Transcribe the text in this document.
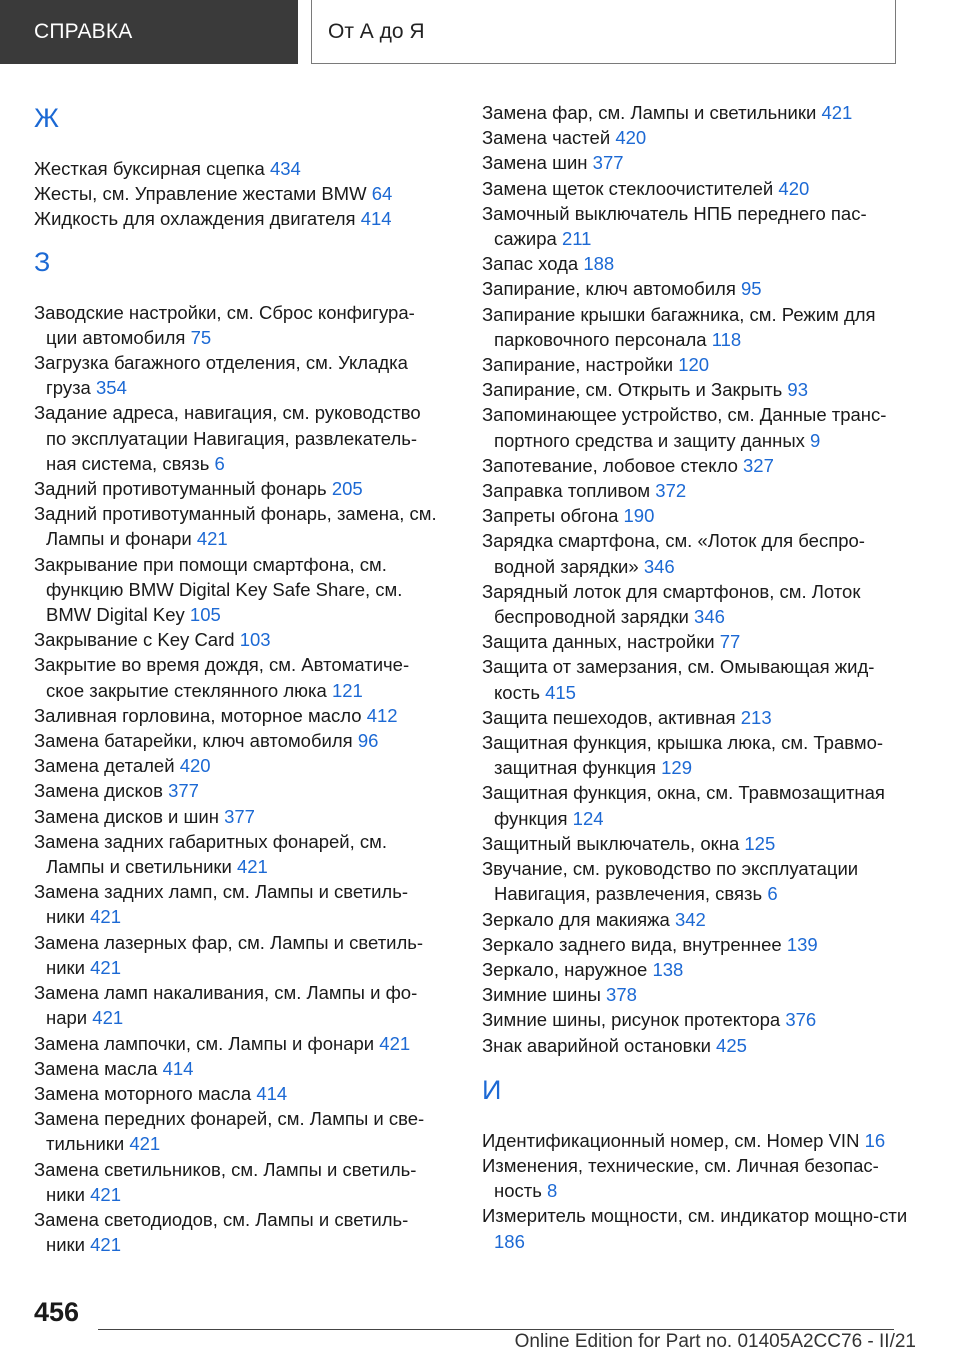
СПРАВКА	От А до Я
Ж
Жесткая буксирная сцепка 434
Жесты, см. Управление жестами BMW 64
Жидкость для охлаждения двигателя 414
З
Заводские настройки, см. Сброс конфигура‐ции автомобиля 75
Загрузка багажного отделения, см. Укладка груза 354
Задание адреса, навигация, см. руководство по эксплуатации Навигация, развлекатель‐ная система, связь 6
Задний противотуманный фонарь 205
Задний противотуманный фонарь, замена, см. Лампы и фонари 421
Закрывание при помощи смартфона, см. функцию BMW Digital Key Safe Share, см. BMW Digital Key 105
Закрывание с Key Card 103
Закрытие во время дождя, см. Автоматиче‐ское закрытие стеклянного люка 121
Заливная горловина, моторное масло 412
Замена батарейки, ключ автомобиля 96
Замена деталей 420
Замена дисков 377
Замена дисков и шин 377
Замена задних габаритных фонарей, см. Лампы и светильники 421
Замена задних ламп, см. Лампы и светиль‐ники 421
Замена лазерных фар, см. Лампы и светиль‐ники 421
Замена ламп накаливания, см. Лампы и фо‐нари 421
Замена лампочки, см. Лампы и фонари 421
Замена масла 414
Замена моторного масла 414
Замена передних фонарей, см. Лампы и све‐тильники 421
Замена светильников, см. Лампы и светиль‐ники 421
Замена светодиодов, см. Лампы и светиль‐ники 421
Замена фар, см. Лампы и светильники 421
Замена частей 420
Замена шин 377
Замена щеток стеклоочистителей 420
Замочный выключатель НПБ переднего пас‐сажира 211
Запас хода 188
Запирание, ключ автомобиля 95
Запирание крышки багажника, см. Режим для парковочного персонала 118
Запирание, настройки 120
Запирание, см. Открыть и Закрыть 93
Запоминающее устройство, см. Данные транс‐портного средства и защиту данных 9
Запотевание, лобовое стекло 327
Заправка топливом 372
Запреты обгона 190
Зарядка смартфона, см. «Лоток для беспро‐водной зарядки» 346
Зарядный лоток для смартфонов, см. Лоток беспроводной зарядки 346
Защита данных, настройки 77
Защита от замерзания, см. Омывающая жид‐кость 415
Защита пешеходов, активная 213
Защитная функция, крышка люка, см. Травмо‐защитная функция 129
Защитная функция, окна, см. Травмозащитная функция 124
Защитный выключатель, окна 125
Звучание, см. руководство по эксплуатации Навигация, развлечения, связь 6
Зеркало для макияжа 342
Зеркало заднего вида, внутреннее 139
Зеркало, наружное 138
Зимние шины 378
Зимние шины, рисунок протектора 376
Знак аварийной остановки 425
И
Идентификационный номер, см. Номер VIN 16
Изменения, технические, см. Личная безопас‐ность 8
Измеритель мощности, см. индикатор мощно‐сти 186
456
Online Edition for Part no. 01405A2CC76 - II/21
